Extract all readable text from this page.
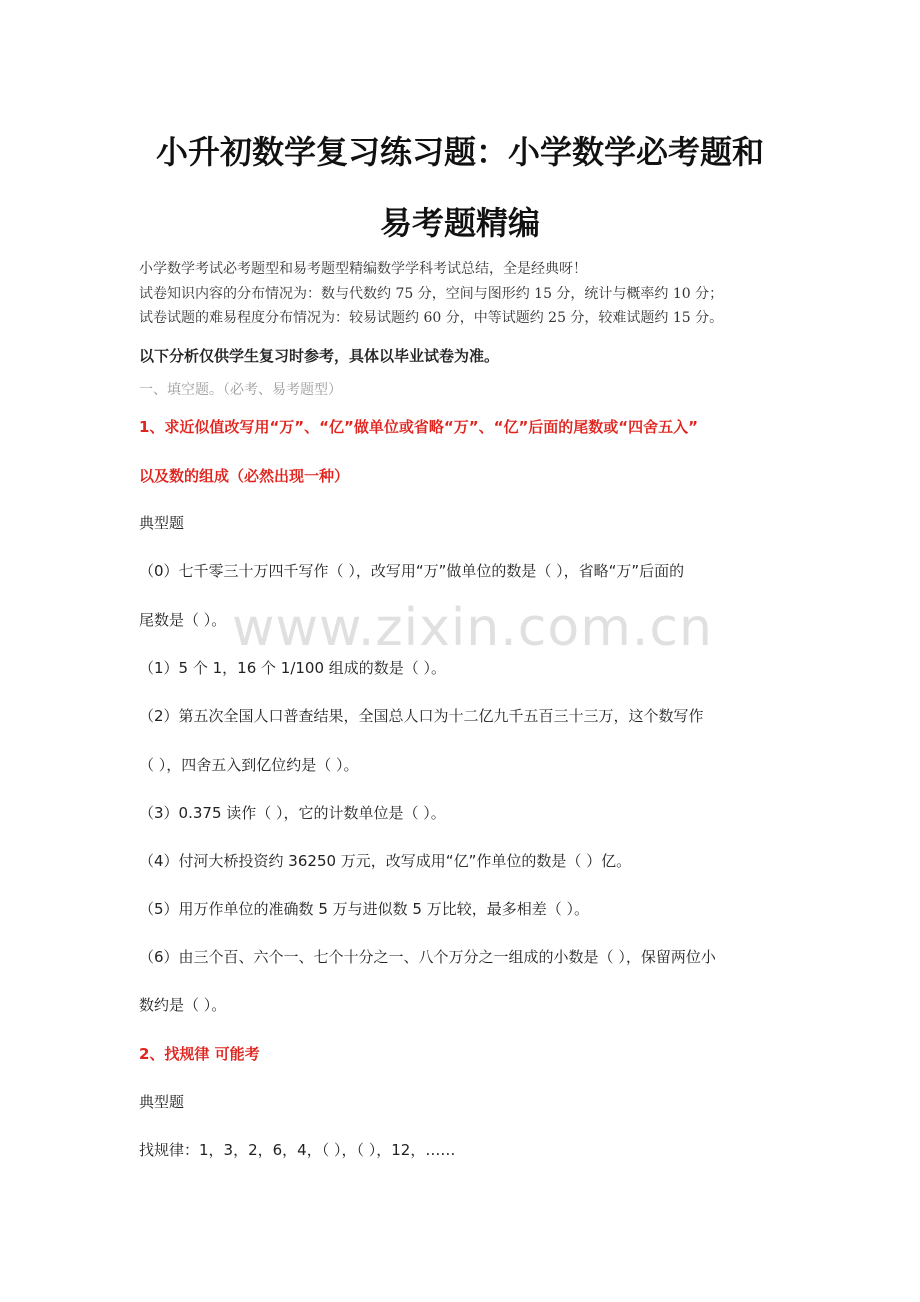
小升初数学复习练习题：小学数学必考题和
易考题精编
小学数学考试必考题型和易考题型精编数学学科考试总结，全是经典呀！
试卷知识内容的分布情况为：数与代数约 75 分，空间与图形约 15 分，统计与概率约 10 分；
试卷试题的难易程度分布情况为：较易试题约 60 分，中等试题约 25 分，较难试题约 15 分。
以下分析仅供学生复习时参考，具体以毕业试卷为准。
一、填空题。（必考、易考题型）
1、求近似值改写用“万”、“亿”做单位或省略“万”、“亿”后面的尾数或“四舍五入”
以及数的组成（必然出现一种）
典型题
（0）七千零三十万四千写作（ ），改写用“万”做单位的数是（ ），省略“万”后面的
尾数是（ ）。
（1）5 个 1，16 个 1/100 组成的数是（ ）。
（2）第五次全国人口普查结果，全国总人口为十二亿九千五百三十三万，这个数写作
（ ），四舍五入到亿位约是（ ）。
（3）0.375 读作（ ），它的计数单位是（ ）。
（4）付河大桥投资约 36250 万元，改写成用“亿”作单位的数是（ ）亿。
（5）用万作单位的准确数 5 万与进似数 5 万比较，最多相差（ ）。
（6）由三个百、六个一、七个十分之一、八个万分之一组成的小数是（ ），保留两位小
数约是（ ）。
2、找规律 可能考
典型题
找规律：1，3，2，6，4，（ ），（ ），12，……
www.zixin.com.cn
